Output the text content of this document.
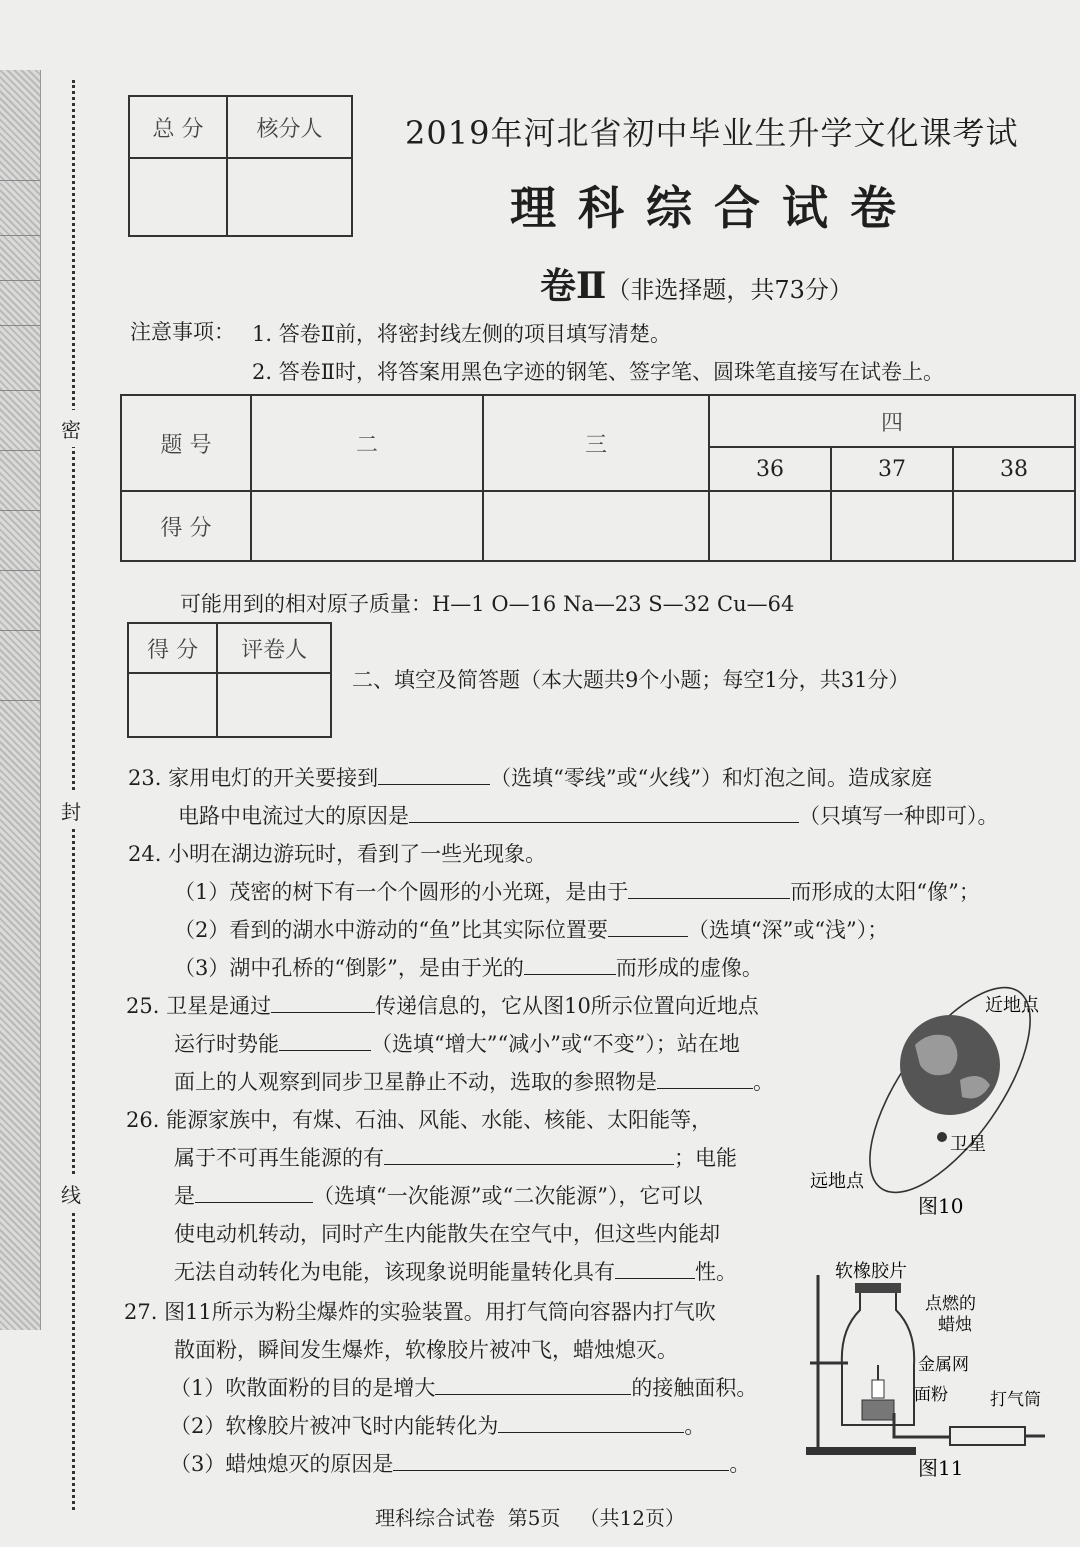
密
封
线
总 分	核分人
		2019年河北省初中毕业生升学文化课考试
理科综合试卷
卷Ⅱ（非选择题，共73分）
注意事项： 1. 答卷Ⅱ前，将密封线左侧的项目填写清楚。
2. 答卷Ⅱ时，将答案用黑色字迹的钢笔、签字笔、圆珠笔直接写在试卷上。
题 号	二	三	四		
			36	37	38
得 分					
可能用到的相对原子质量：H—1 O—16 Na—23 S—32 Cu—64
得 分	评卷人

二、填空及简答题（本大题共9个小题；每空1分，共31分）
23. 家用电灯的开关要接到	（选填“零线”或“火线”）和灯泡之间。造成家庭
电路中电流过大的原因是	（只填写一种即可）。
24. 小明在湖边游玩时，看到了一些光现象。
（1）茂密的树下有一个个圆形的小光斑，是由于	而形成的太阳“像”；
（2）看到的湖水中游动的“鱼”比其实际位置要	（选填“深”或“浅”）；
（3）湖中孔桥的“倒影”，是由于光的	而形成的虚像。
25. 卫星是通过	传递信息的，它从图10所示位置向近地点
运行时势能	（选填“增大”“减小”或“不变”）；站在地
面上的人观察到同步卫星静止不动，选取的参照物是	。
26. 能源家族中，有煤、石油、风能、水能、核能、太阳能等，
属于不可再生能源的有	；电能
是	（选填“一次能源”或“二次能源”），它可以
使电动机转动，同时产生内能散失在空气中，但这些内能却
无法自动转化为电能，该现象说明能量转化具有	性。
27. 图11所示为粉尘爆炸的实验装置。用打气筒向容器内打气吹
散面粉，瞬间发生爆炸，软橡胶片被冲飞，蜡烛熄灭。
（1）吹散面粉的目的是增大	的接触面积。
（2）软橡胶片被冲飞时内能转化为	。
（3）蜡烛熄灭的原因是	。
近地点
卫星
远地点
图10
软橡胶片
点燃的
蜡烛
金属网
面粉 打气筒
图11
理科综合试卷 第5页 （共12页）
